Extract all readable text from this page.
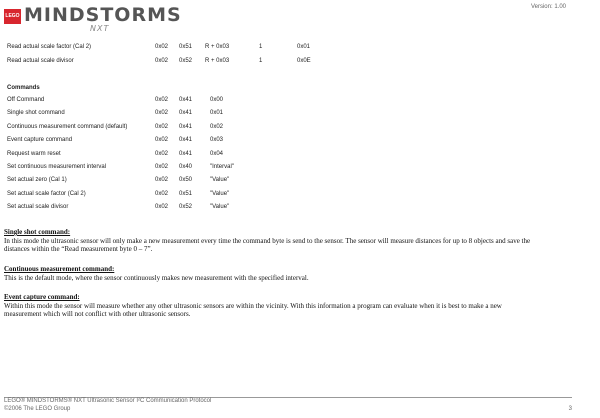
LEGO MINDSTORMS
NXT
Version: 1.00
Read actual scale factor (Cal 2)	0x02 0x51 R + 0x03	1	0x01
Read actual scale divisor	0x02 0x52 R + 0x03	1	0x0E
Commands
Off Command	0x02 0x41	0x00
Single shot command	0x02 0x41	0x01
Continuous measurement command (default)	0x02 0x41	0x02
Event capture command	0x02 0x41	0x03
Request warm reset	0x02 0x41	0x04
Set continuous measurement interval	0x02 0x40	"Interval"
Set actual zero (Cal 1)	0x02 0x50	"Value"
Set actual scale factor (Cal 2)	0x02 0x51	"Value"
Set actual scale divisor	0x02 0x52	"Value"
Single shot command:
In this mode the ultrasonic sensor will only make a new measurement every time the command byte is send to the sensor. The sensor will measure distances for up to 8 objects and save the
distances within the “Read measurement byte 0 – 7”.
Continuous measurement command:
This is the default mode, where the sensor continuously makes new measurement with the specified interval.
Event capture command:
Within this mode the sensor will measure whether any other ultrasonic sensors are within the vicinity. With this information a program can evaluate when it is best to make a new
measurement which will not conflict with other ultrasonic sensors.
LEGO® MINDSTORMS® NXT Ultrasonic Sensor I²C Communication Protocol
©2006 The LEGO Group	3
